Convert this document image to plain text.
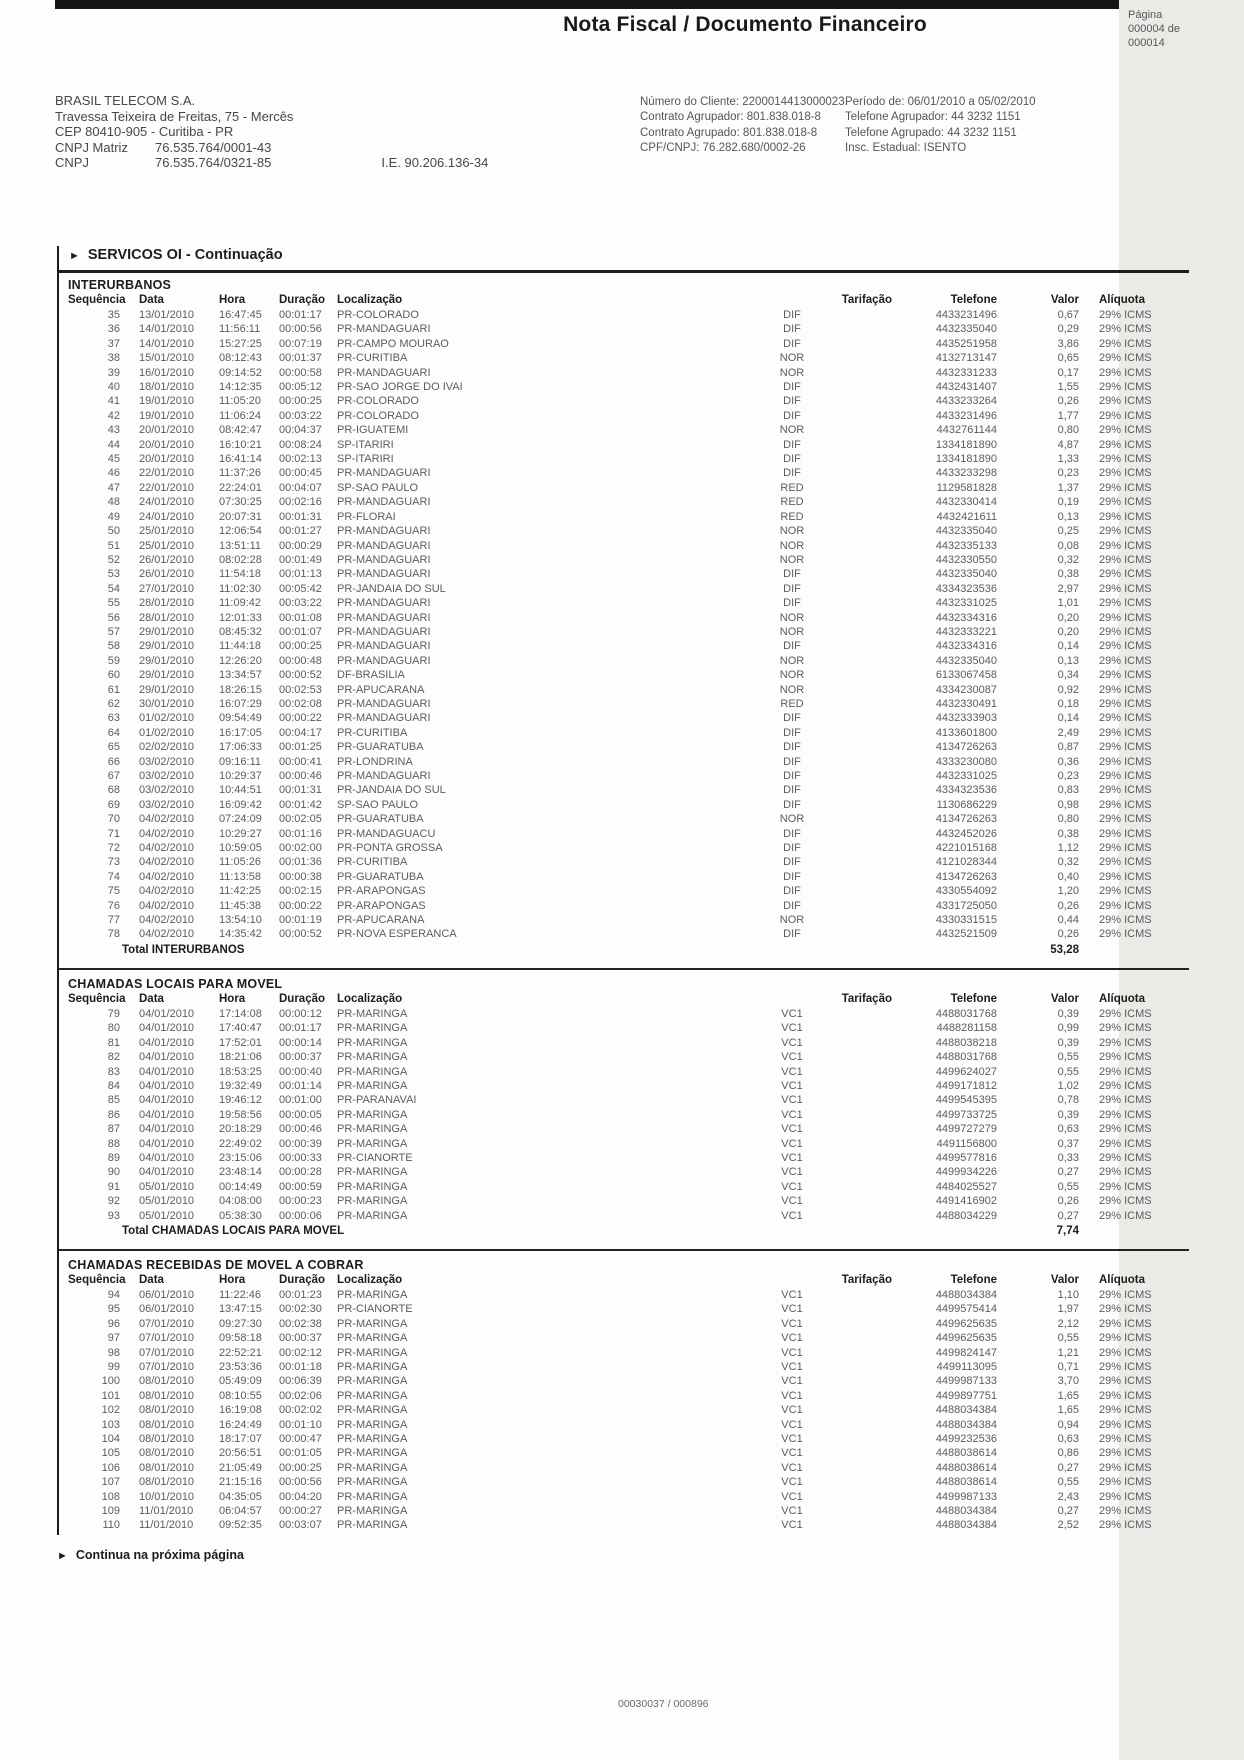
Nota Fiscal / Documento Financeiro	Página
000004 de
000014
BRASIL TELECOM S.A.
Travessa Teixeira de Freitas, 75 - Mercês
CEP 80410-905 - Curitiba - PR
CNPJ Matriz 76.535.764/0001-43
CNPJ	76.535.764/0321-85	I.E. 90.206.136-34
Número do Cliente: 2200014413000023
Contrato Agrupador: 801.838.018-8
Contrato Agrupado: 801.838.018-8
CPF/CNPJ: 76.282.680/0002-26
Período de: 06/01/2010 a 05/02/2010
Telefone Agrupador: 44 3232 1151
Telefone Agrupado: 44 3232 1151
Insc. Estadual: ISENTO
► SERVICOS OI - Continuação
INTERURBANOS
Sequência	Data	Hora	Duração	Localização	Tarifação	Telefone	Valor	Alíquota
35	13/01/2010	16:47:45	00:01:17	PR-COLORADO	DIF	4433231496	0,67	29% ICMS
36	14/01/2010	11:56:11	00:00:56	PR-MANDAGUARI	DIF	4432335040	0,29	29% ICMS
37	14/01/2010	15:27:25	00:07:19	PR-CAMPO MOURAO	DIF	4435251958	3,86	29% ICMS
38	15/01/2010	08:12:43	00:01:37	PR-CURITIBA	NOR	4132713147	0,65	29% ICMS
39	16/01/2010	09:14:52	00:00:58	PR-MANDAGUARI	NOR	4432331233	0,17	29% ICMS
40	18/01/2010	14:12:35	00:05:12	PR-SAO JORGE DO IVAI	DIF	4432431407	1,55	29% ICMS
41	19/01/2010	11:05:20	00:00:25	PR-COLORADO	DIF	4433233264	0,26	29% ICMS
42	19/01/2010	11:06:24	00:03:22	PR-COLORADO	DIF	4433231496	1,77	29% ICMS
43	20/01/2010	08:42:47	00:04:37	PR-IGUATEMI	NOR	4432761144	0,80	29% ICMS
44	20/01/2010	16:10:21	00:08:24	SP-ITARIRI	DIF	1334181890	4,87	29% ICMS
45	20/01/2010	16:41:14	00:02:13	SP-ITARIRI	DIF	1334181890	1,33	29% ICMS
46	22/01/2010	11:37:26	00:00:45	PR-MANDAGUARI	DIF	4433233298	0,23	29% ICMS
47	22/01/2010	22:24:01	00:04:07	SP-SAO PAULO	RED	1129581828	1,37	29% ICMS
48	24/01/2010	07:30:25	00:02:16	PR-MANDAGUARI	RED	4432330414	0,19	29% ICMS
49	24/01/2010	20:07:31	00:01:31	PR-FLORAI	RED	4432421611	0,13	29% ICMS
50	25/01/2010	12:06:54	00:01:27	PR-MANDAGUARI	NOR	4432335040	0,25	29% ICMS
51	25/01/2010	13:51:11	00:00:29	PR-MANDAGUARI	NOR	4432335133	0,08	29% ICMS
52	26/01/2010	08:02:28	00:01:49	PR-MANDAGUARI	NOR	4432330550	0,32	29% ICMS
53	26/01/2010	11:54:18	00:01:13	PR-MANDAGUARI	DIF	4432335040	0,38	29% ICMS
54	27/01/2010	11:02:30	00:05:42	PR-JANDAIA DO SUL	DIF	4334323536	2,97	29% ICMS
55	28/01/2010	11:09:42	00:03:22	PR-MANDAGUARI	DIF	4432331025	1,01	29% ICMS
56	28/01/2010	12:01:33	00:01:08	PR-MANDAGUARI	NOR	4432334316	0,20	29% ICMS
57	29/01/2010	08:45:32	00:01:07	PR-MANDAGUARI	NOR	4432333221	0,20	29% ICMS
58	29/01/2010	11:44:18	00:00:25	PR-MANDAGUARI	DIF	4432334316	0,14	29% ICMS
59	29/01/2010	12:26:20	00:00:48	PR-MANDAGUARI	NOR	4432335040	0,13	29% ICMS
60	29/01/2010	13:34:57	00:00:52	DF-BRASILIA	NOR	6133067458	0,34	29% ICMS
61	29/01/2010	18:26:15	00:02:53	PR-APUCARANA	NOR	4334230087	0,92	29% ICMS
62	30/01/2010	16:07:29	00:02:08	PR-MANDAGUARI	RED	4432330491	0,18	29% ICMS
63	01/02/2010	09:54:49	00:00:22	PR-MANDAGUARI	DIF	4432333903	0,14	29% ICMS
64	01/02/2010	16:17:05	00:04:17	PR-CURITIBA	DIF	4133601800	2,49	29% ICMS
65	02/02/2010	17:06:33	00:01:25	PR-GUARATUBA	DIF	4134726263	0,87	29% ICMS
66	03/02/2010	09:16:11	00:00:41	PR-LONDRINA	DIF	4333230080	0,36	29% ICMS
67	03/02/2010	10:29:37	00:00:46	PR-MANDAGUARI	DIF	4432331025	0,23	29% ICMS
68	03/02/2010	10:44:51	00:01:31	PR-JANDAIA DO SUL	DIF	4334323536	0,83	29% ICMS
69	03/02/2010	16:09:42	00:01:42	SP-SAO PAULO	DIF	1130686229	0,98	29% ICMS
70	04/02/2010	07:24:09	00:02:05	PR-GUARATUBA	NOR	4134726263	0,80	29% ICMS
71	04/02/2010	10:29:27	00:01:16	PR-MANDAGUACU	DIF	4432452026	0,38	29% ICMS
72	04/02/2010	10:59:05	00:02:00	PR-PONTA GROSSA	DIF	4221015168	1,12	29% ICMS
73	04/02/2010	11:05:26	00:01:36	PR-CURITIBA	DIF	4121028344	0,32	29% ICMS
74	04/02/2010	11:13:58	00:00:38	PR-GUARATUBA	DIF	4134726263	0,40	29% ICMS
75	04/02/2010	11:42:25	00:02:15	PR-ARAPONGAS	DIF	4330554092	1,20	29% ICMS
76	04/02/2010	11:45:38	00:00:22	PR-ARAPONGAS	DIF	4331725050	0,26	29% ICMS
77	04/02/2010	13:54:10	00:01:19	PR-APUCARANA	NOR	4330331515	0,44	29% ICMS
78	04/02/2010	14:35:42	00:00:52	PR-NOVA ESPERANCA	DIF	4432521509	0,26	29% ICMS
Total INTERURBANOS							53,28	
CHAMADAS LOCAIS PARA MOVEL
Sequência	Data	Hora	Duração	Localização	Tarifação	Telefone	Valor	Alíquota
79	04/01/2010	17:14:08	00:00:12	PR-MARINGA	VC1	4488031768	0,39	29% ICMS
80	04/01/2010	17:40:47	00:01:17	PR-MARINGA	VC1	4488281158	0,99	29% ICMS
81	04/01/2010	17:52:01	00:00:14	PR-MARINGA	VC1	4488038218	0,39	29% ICMS
82	04/01/2010	18:21:06	00:00:37	PR-MARINGA	VC1	4488031768	0,55	29% ICMS
83	04/01/2010	18:53:25	00:00:40	PR-MARINGA	VC1	4499624027	0,55	29% ICMS
84	04/01/2010	19:32:49	00:01:14	PR-MARINGA	VC1	4499171812	1,02	29% ICMS
85	04/01/2010	19:46:12	00:01:00	PR-PARANAVAI	VC1	4499545395	0,78	29% ICMS
86	04/01/2010	19:58:56	00:00:05	PR-MARINGA	VC1	4499733725	0,39	29% ICMS
87	04/01/2010	20:18:29	00:00:46	PR-MARINGA	VC1	4499727279	0,63	29% ICMS
88	04/01/2010	22:49:02	00:00:39	PR-MARINGA	VC1	4491156800	0,37	29% ICMS
89	04/01/2010	23:15:06	00:00:33	PR-CIANORTE	VC1	4499577816	0,33	29% ICMS
90	04/01/2010	23:48:14	00:00:28	PR-MARINGA	VC1	4499934226	0,27	29% ICMS
91	05/01/2010	00:14:49	00:00:59	PR-MARINGA	VC1	4484025527	0,55	29% ICMS
92	05/01/2010	04:08:00	00:00:23	PR-MARINGA	VC1	4491416902	0,26	29% ICMS
93	05/01/2010	05:38:30	00:00:06	PR-MARINGA	VC1	4488034229	0,27	29% ICMS
Total CHAMADAS LOCAIS PARA MOVEL							7,74	
CHAMADAS RECEBIDAS DE MOVEL A COBRAR
Sequência	Data	Hora	Duração	Localização	Tarifação	Telefone	Valor	Alíquota
94	06/01/2010	11:22:46	00:01:23	PR-MARINGA	VC1	4488034384	1,10	29% ICMS
95	06/01/2010	13:47:15	00:02:30	PR-CIANORTE	VC1	4499575414	1,97	29% ICMS
96	07/01/2010	09:27:30	00:02:38	PR-MARINGA	VC1	4499625635	2,12	29% ICMS
97	07/01/2010	09:58:18	00:00:37	PR-MARINGA	VC1	4499625635	0,55	29% ICMS
98	07/01/2010	22:52:21	00:02:12	PR-MARINGA	VC1	4499824147	1,21	29% ICMS
99	07/01/2010	23:53:36	00:01:18	PR-MARINGA	VC1	4499113095	0,71	29% ICMS
100	08/01/2010	05:49:09	00:06:39	PR-MARINGA	VC1	4499987133	3,70	29% ICMS
101	08/01/2010	08:10:55	00:02:06	PR-MARINGA	VC1	4499897751	1,65	29% ICMS
102	08/01/2010	16:19:08	00:02:02	PR-MARINGA	VC1	4488034384	1,65	29% ICMS
103	08/01/2010	16:24:49	00:01:10	PR-MARINGA	VC1	4488034384	0,94	29% ICMS
104	08/01/2010	18:17:07	00:00:47	PR-MARINGA	VC1	4499232536	0,63	29% ICMS
105	08/01/2010	20:56:51	00:01:05	PR-MARINGA	VC1	4488038614	0,86	29% ICMS
106	08/01/2010	21:05:49	00:00:25	PR-MARINGA	VC1	4488038614	0,27	29% ICMS
107	08/01/2010	21:15:16	00:00:56	PR-MARINGA	VC1	4488038614	0,55	29% ICMS
108	10/01/2010	04:35:05	00:04:20	PR-MARINGA	VC1	4499987133	2,43	29% ICMS
109	11/01/2010	06:04:57	00:00:27	PR-MARINGA	VC1	4488034384	0,27	29% ICMS
110	11/01/2010	09:52:35	00:03:07	PR-MARINGA	VC1	4488034384	2,52	29% ICMS
► Continua na próxima página
00030037 / 000896
